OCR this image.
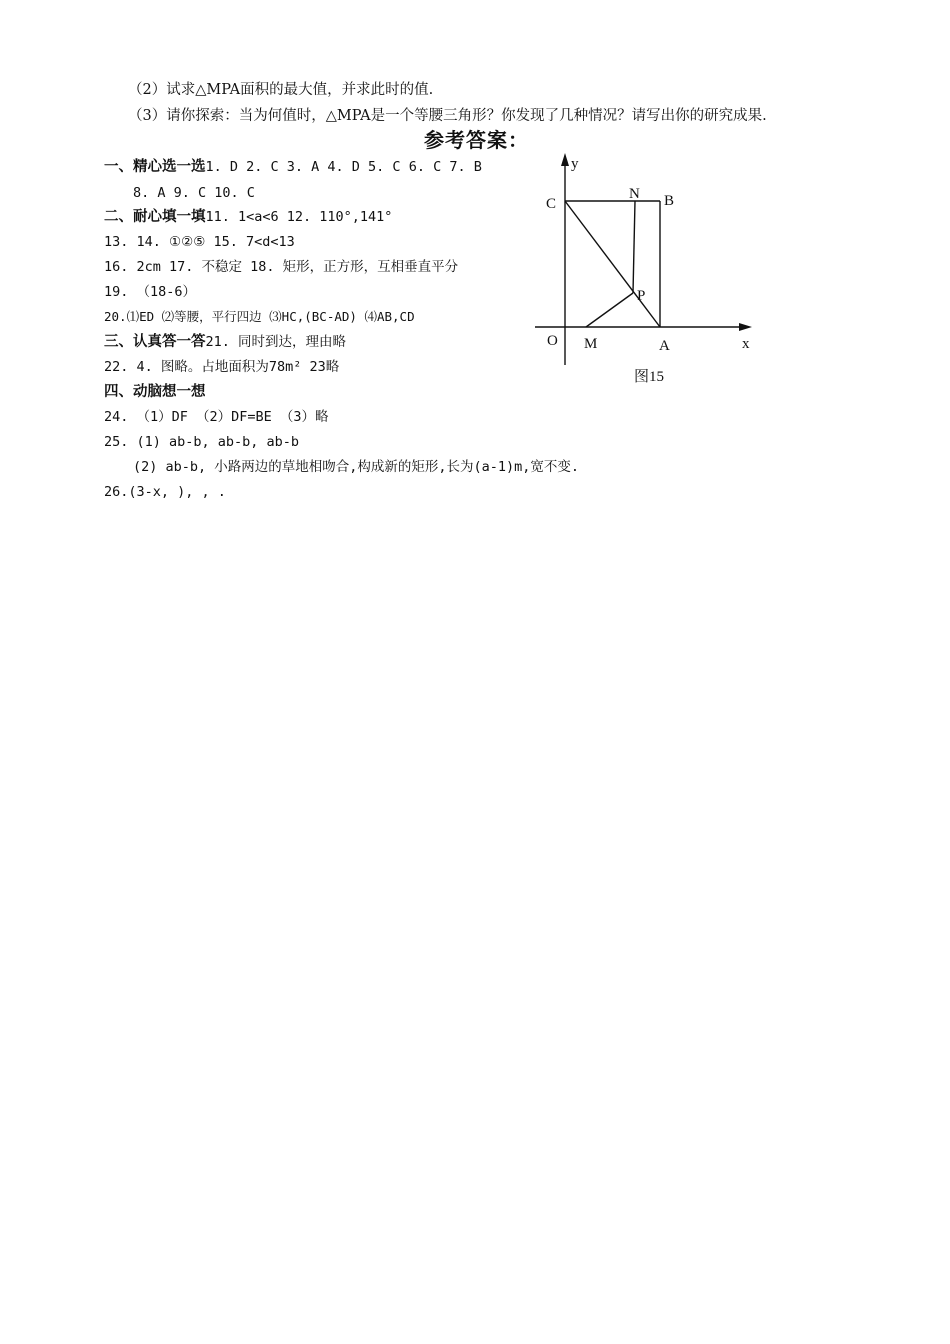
（2）试求△MPA面积的最大值，并求此时的值.
（3）请你探索：当为何值时，△MPA是一个等腰三角形？你发现了几种情况？请写出你的研究成果.
参考答案：
一、精心选一选1. D 2. C 3. A 4. D 5. C 6. C 7. B
8. A 9. C 10. C
二、耐心填一填11. 1<a<6 12. 110°,141°
13. 14. ①②⑤ 15. 7<d<13
16. 2cm 17. 不稳定 18. 矩形，正方形，互相垂直平分
19. （18-6）
20.⑴ED ⑵等腰，平行四边 ⑶HC,(BC-AD) ⑷AB,CD
三、认真答一答21. 同时到达，理由略
22. 4. 图略。占地面积为78m² 23略
四、动脑想一想
24. （1）DF （2）DF=BE （3）略
25. (1) ab-b, ab-b, ab-b
(2) ab-b, 小路两边的草地相吻合,构成新的矩形,长为(a-1)m,宽不变.
26.(3-x, ), , .
y
x
O
C
N B
P
M	A
图15
